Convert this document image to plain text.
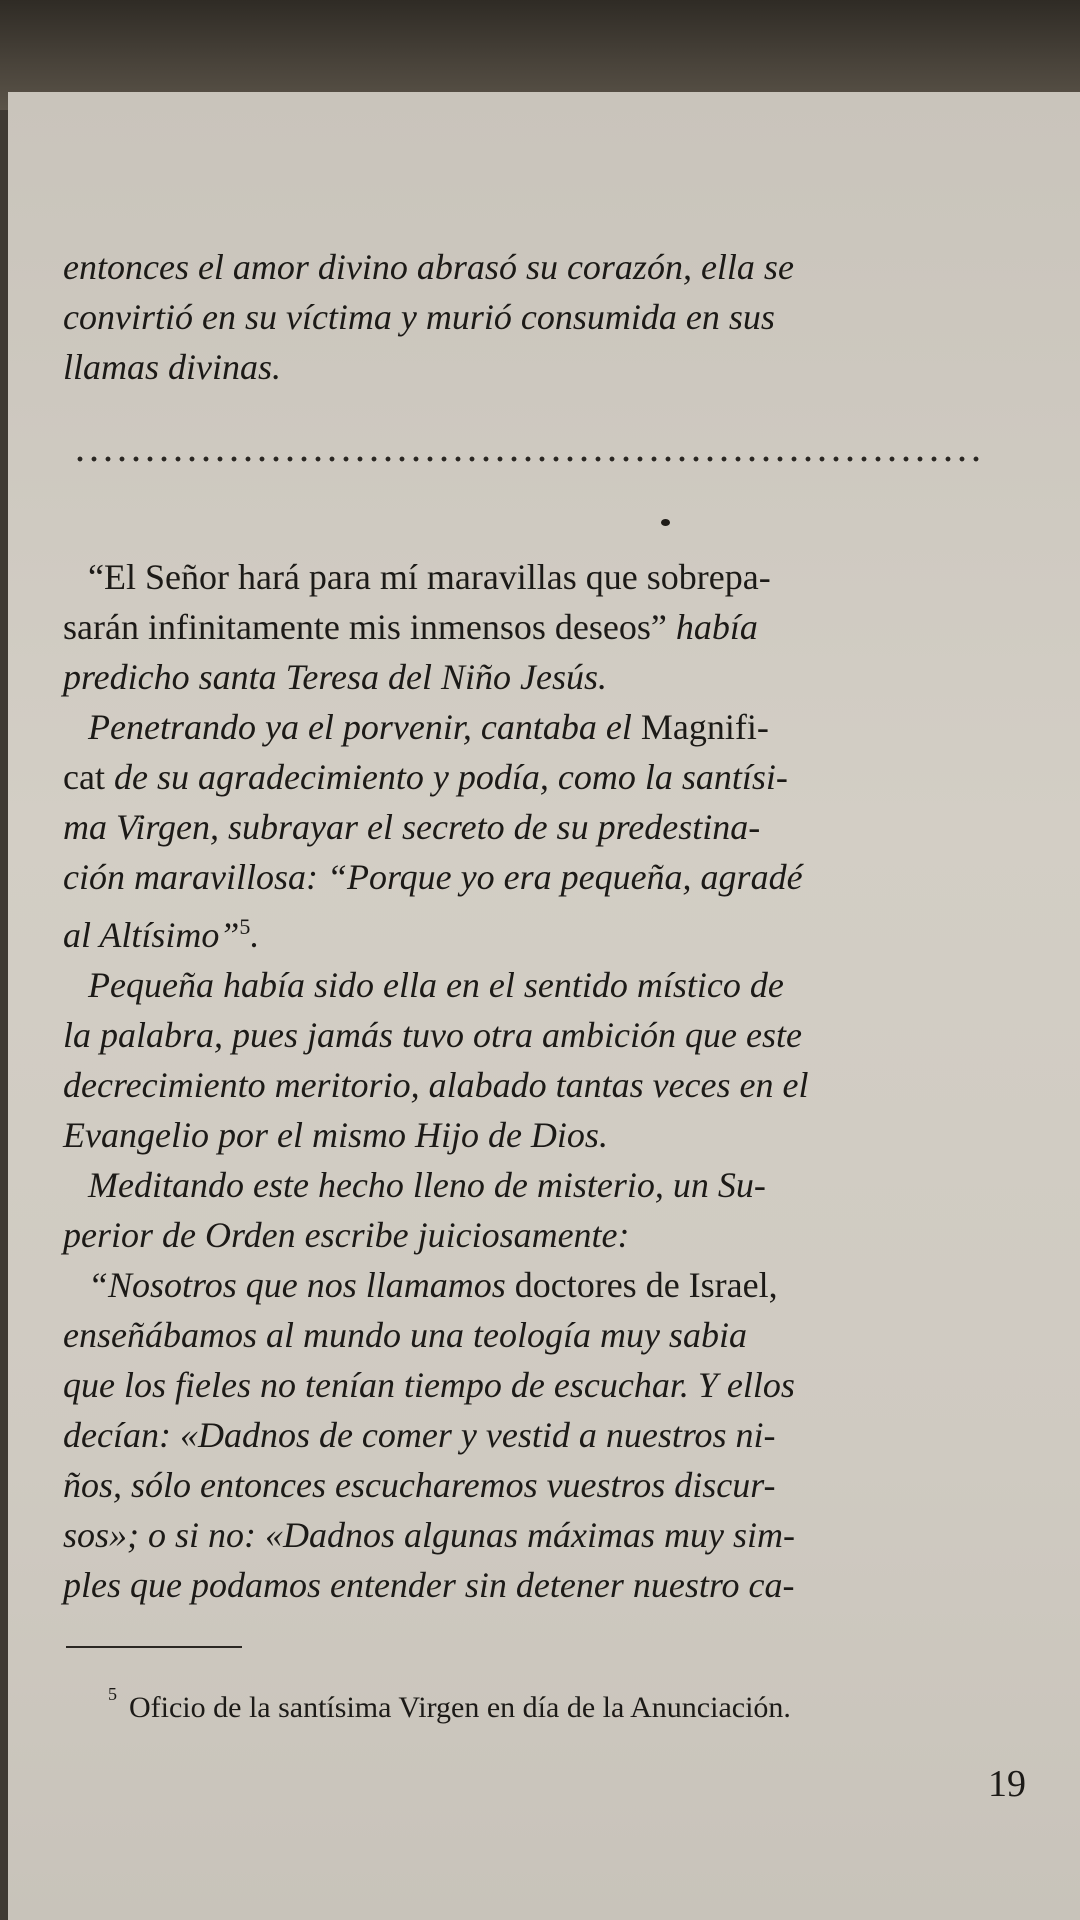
entonces el amor divino abrasó su corazón, ella se
convirtió en su víctima y murió consumida en sus
llamas divinas.
“El Señor hará para mí maravillas que sobrepa-
sarán infinitamente mis inmensos deseos” había
predicho santa Teresa del Niño Jesús.
Penetrando ya el porvenir, cantaba el Magnifi-
cat de su agradecimiento y podía, como la santísi-
ma Virgen, subrayar el secreto de su predestina-
ción maravillosa: “Porque yo era pequeña, agradé
al Altísimo”$^5$.
Pequeña había sido ella en el sentido místico de
la palabra, pues jamás tuvo otra ambición que este
decrecimiento meritorio, alabado tantas veces en el
Evangelio por el mismo Hijo de Dios.
Meditando este hecho lleno de misterio, un Su-
perior de Orden escribe juiciosamente:
“Nosotros que nos llamamos doctores de Israel,
enseñábamos al mundo una teología muy sabia
que los fieles no tenían tiempo de escuchar. Y ellos
decían: «Dadnos de comer y vestid a nuestros ni-
ños, sólo entonces escucharemos vuestros discur-
sos»; o si no: «Dadnos algunas máximas muy sim-
ples que podamos entender sin detener nuestro ca-
$^5$ Oficio de la santísima Virgen en día de la Anunciación.
19
